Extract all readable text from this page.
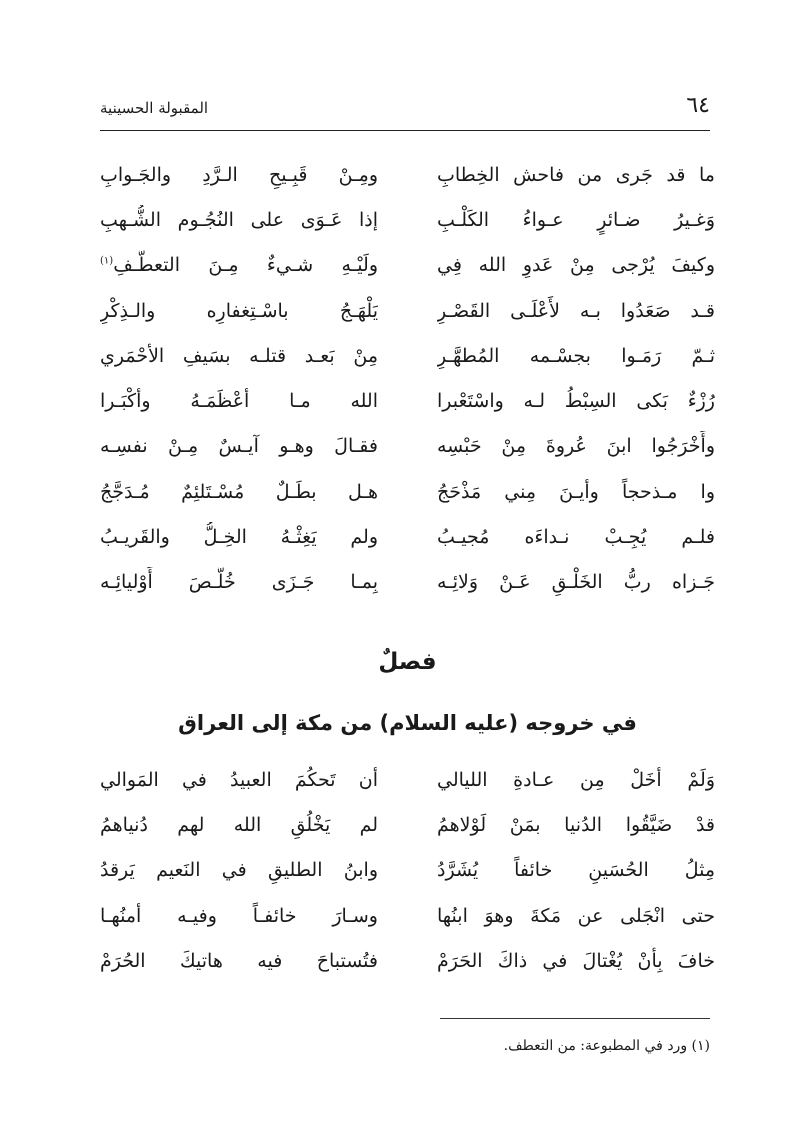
٦٤
المقبولة الحسينية
ما قد جَرى من فاحش الخِطابِ
ومِـنْ قَبِـيحِ الـرَّدِ والجَـوابِ
وَغـيرُ ضـائرٍ عـواءُ الكَلْـبِ
إذا عَـوَى على النُجُـوم الشُّـهبِ
وكيفَ يُرْجى مِنْ عَدوِ الله فِي
ولَيْـهِ شـيءٌ مِـنَ التعطُّـفِ$^{(١)}$
قـد صَعَدُوا بـه لأَعْلَـى القَصْـرِ
يَلْهَـجُ باسْـتِغفارِه والـذِكْرِ
ثـمّ رَمَـوا بجسْـمه المُطهَّـرِ
مِنْ بَعـد قتلـه بسَيفِ الأحْمَري
رُزْءٌ بَكى السِبْطُ لـه واسْتَعْبرا
الله مـا أعْظَمَـهُ وأكْبَـرا
وأَخْرَجُوا ابنَ عُروةَ مِنْ حَبْسِه
فقـالَ وهـو آيـسٌ مِـنْ نفسِـه
وا مـذحجاً وأيـنَ مِني مَذْحَجُ
هـل بطَـلٌ مُسْـتَلئِمٌ مُـدَجَّجُ
فلـم يُجِـبْ نـداءَه مُجيـبُ
ولم يَغِثْـهُ الخِـلُّ والقَريـبُ
جَـزاه ربُّ الخَلْـقِ عَـنْ وَلائِـه
بِمـا جَـزَى خُلَّـصَ أَوْليائِـه
فصلٌ
في خروجه (عليه السلام) من مكة إلى العراق
وَلَمْ أخَلْ مِن عـادةِ الليالي
أن تَحكُمَ العبيدُ في المَوالي
قدْ ضَيَّقُوا الدُنيا بمَنْ لَوْلاهمُ
لم يَخْلُقِ الله لهم دُنياهمُ
مِثلُ الحُسَينِ خائفاً يُشَرَّدُ
وابنُ الطليقِ في النَعيم يَرقدُ
حتى انْجَلى عن مَكةَ وهوَ ابنُها
وسـارَ خائفـاً وفيـه أمنُهـا
خافَ بِأَنْ يُغْتالَ في ذاكَ الحَرَمْ
فتُستباحَ فيه هاتيكَ الحُرَمْ
(١) ورد في المطبوعة: من التعطف.
